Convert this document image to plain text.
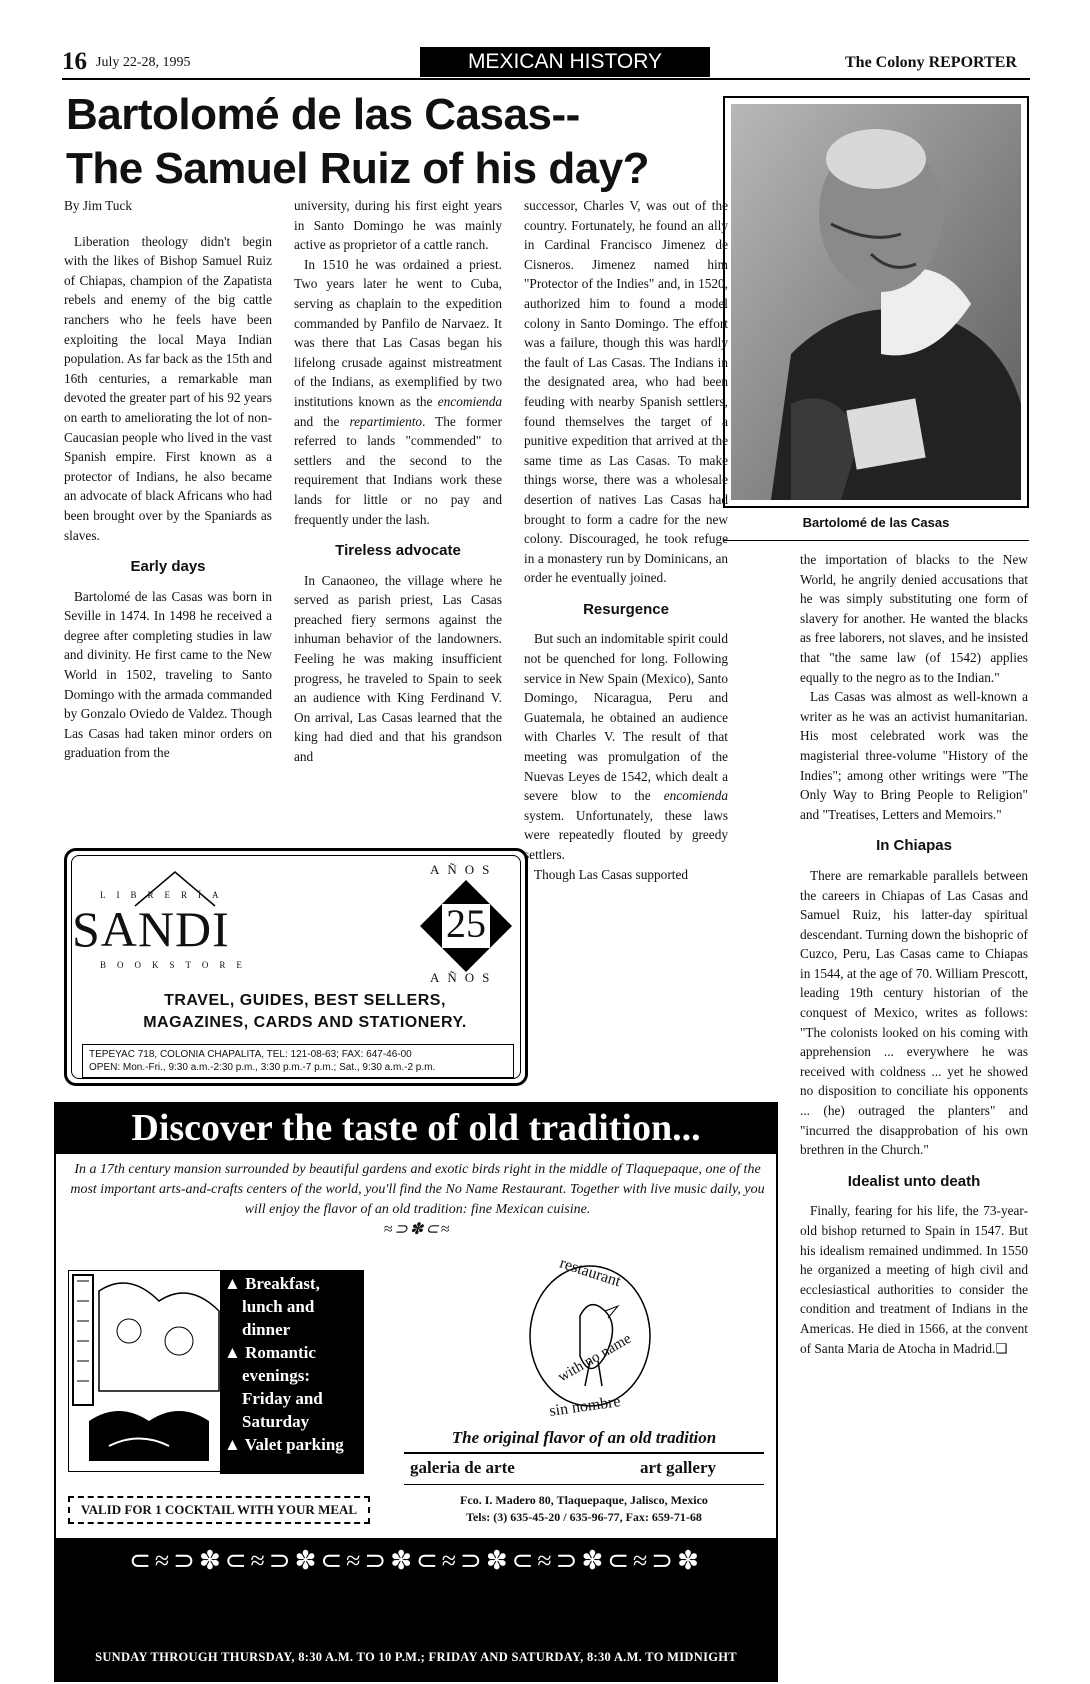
16 July 22-28, 1995	MEXICAN HISTORY	The Colony REPORTER
Bartolomé de las Casas--
The Samuel Ruiz of his day?
Bartolomé de las Casas
By Jim Tuck

Liberation theology didn't begin with the likes of Bishop Samuel Ruiz of Chiapas, champion of the Zapatista rebels and enemy of the big cattle ranchers who he feels have been exploiting the local Maya Indian population. As far back as the 15th and 16th centuries, a remarkable man devoted the greater part of his 92 years on earth to ameliorating the lot of non-Caucasian people who lived in the vast Spanish empire. First known as a protector of Indians, he also became an advocate of black Africans who had been brought over by the Spaniards as slaves.

Early days

Bartolomé de las Casas was born in Seville in 1474. In 1498 he received a degree after completing studies in law and divinity. He first came to the New World in 1502, traveling to Santo Domingo with the armada commanded by Gonzalo Oviedo de Valdez. Though Las Casas had taken minor orders on graduation from the

university, during his first eight years in Santo Domingo he was mainly active as proprietor of a cattle ranch.

In 1510 he was ordained a priest. Two years later he went to Cuba, serving as chaplain to the expedition commanded by Panfilo de Narvaez. It was there that Las Casas began his lifelong crusade against mistreatment of the Indians, as exemplified by two institutions known as the encomienda and the repartimiento. The former referred to lands "commended" to settlers and the second to the requirement that Indians work these lands for little or no pay and frequently under the lash.

Tireless advocate

In Canaoneo, the village where he served as parish priest, Las Casas preached fiery sermons against the inhuman behavior of the landowners. Feeling he was making insufficient progress, he traveled to Spain to seek an audience with King Ferdinand V. On arrival, Las Casas learned that the king had died and that his grandson and

successor, Charles V, was out of the country. Fortunately, he found an ally in Cardinal Francisco Jimenez de Cisneros. Jimenez named him "Protector of the Indies" and, in 1520, authorized him to found a model colony in Santo Domingo. The effort was a failure, though this was hardly the fault of Las Casas. The Indians in the designated area, who had been feuding with nearby Spanish settlers, found themselves the target of a punitive expedition that arrived at the same time as Las Casas. To make things worse, there was a wholesale desertion of natives Las Casas had brought to form a cadre for the new colony. Discouraged, he took refuge in a monastery run by Dominicans, an order he eventually joined.

Resurgence

But such an indomitable spirit could not be quenched for long. Following service in New Spain (Mexico), Santo Domingo, Nicaragua, Peru and Guatemala, he obtained an audience with Charles V. The result of that meeting was promulgation of the Nuevas Leyes de 1542, which dealt a severe blow to the encomienda system. Unfortunately, these laws were repeatedly flouted by greedy settlers.

Though Las Casas supported

the importation of blacks to the New World, he angrily denied accusations that he was simply substituting one form of slavery for another. He wanted the blacks as free laborers, not slaves, and he insisted that "the same law (of 1542) applies equally to the negro as to the Indian."

Las Casas was almost as well-known a writer as he was an activist humanitarian. His most celebrated work was the magisterial three-volume "History of the Indies"; among other writings were "The Only Way to Bring People to Religion" and "Treatises, Letters and Memoirs."

In Chiapas

There are remarkable parallels between the careers in Chiapas of Las Casas and Samuel Ruiz, his latter-day spiritual descendant. Turning down the bishopric of Cuzco, Peru, Las Casas came to Chiapas in 1544, at the age of 70. William Prescott, leading 19th century historian of the conquest of Mexico, writes as follows: "The colonists looked on his coming with apprehension ... everywhere he was received with coldness ... yet he showed no disposition to conciliate his opponents ... (he) outraged the planters" and "incurred the disapprobation of his own brethren in the Church."

Idealist unto death

Finally, fearing for his life, the 73-year-old bishop returned to Spain in 1547. But his idealism remained undimmed. In 1550 he organized a meeting of high civil and ecclesiastical authorities to consider the condition and treatment of Indians in the Americas. He died in 1566, at the convent of Santa Maria de Atocha in Madrid.❑

LIBRERÍA
SANDI
BOOKSTORE
AÑOS
25
AÑOS
TRAVEL, GUIDES, BEST SELLERS,
MAGAZINES, CARDS AND STATIONERY.
TEPEYAC 718, COLONIA CHAPALITA, TEL: 121-08-63; FAX: 647-46-00
OPEN: Mon.-Fri., 9:30 a.m.-2:30 p.m., 3:30 p.m.-7 p.m.; Sat., 9:30 a.m.-2 p.m.
Discover the taste of old tradition...
In a 17th century mansion surrounded by beautiful gardens and exotic birds right in the middle of Tlaquepaque, one of the most important arts-and-crafts centers of the world, you'll find the No Name Restaurant. Together with live music daily, you will enjoy the flavor of an old tradition: fine Mexican cuisine.
≈⊃✽⊂≈
▲ Breakfast, lunch and dinner
▲ Romantic evenings: Friday and Saturday
▲ Valet parking
restaurant
with no name
sin nombre
The original flavor of an old tradition
galeria de arte	art gallery
Fco. I. Madero 80, Tlaquepaque, Jalisco, Mexico
Tels: (3) 635-45-20 / 635-96-77, Fax: 659-71-68
VALID FOR 1 COCKTAIL WITH YOUR MEAL
⊂≈⊃✽⊂≈⊃✽⊂≈⊃✽⊂≈⊃✽⊂≈⊃✽⊂≈⊃✽
SUNDAY THROUGH THURSDAY, 8:30 A.M. TO 10 P.M.; FRIDAY AND SATURDAY, 8:30 A.M. TO MIDNIGHT
